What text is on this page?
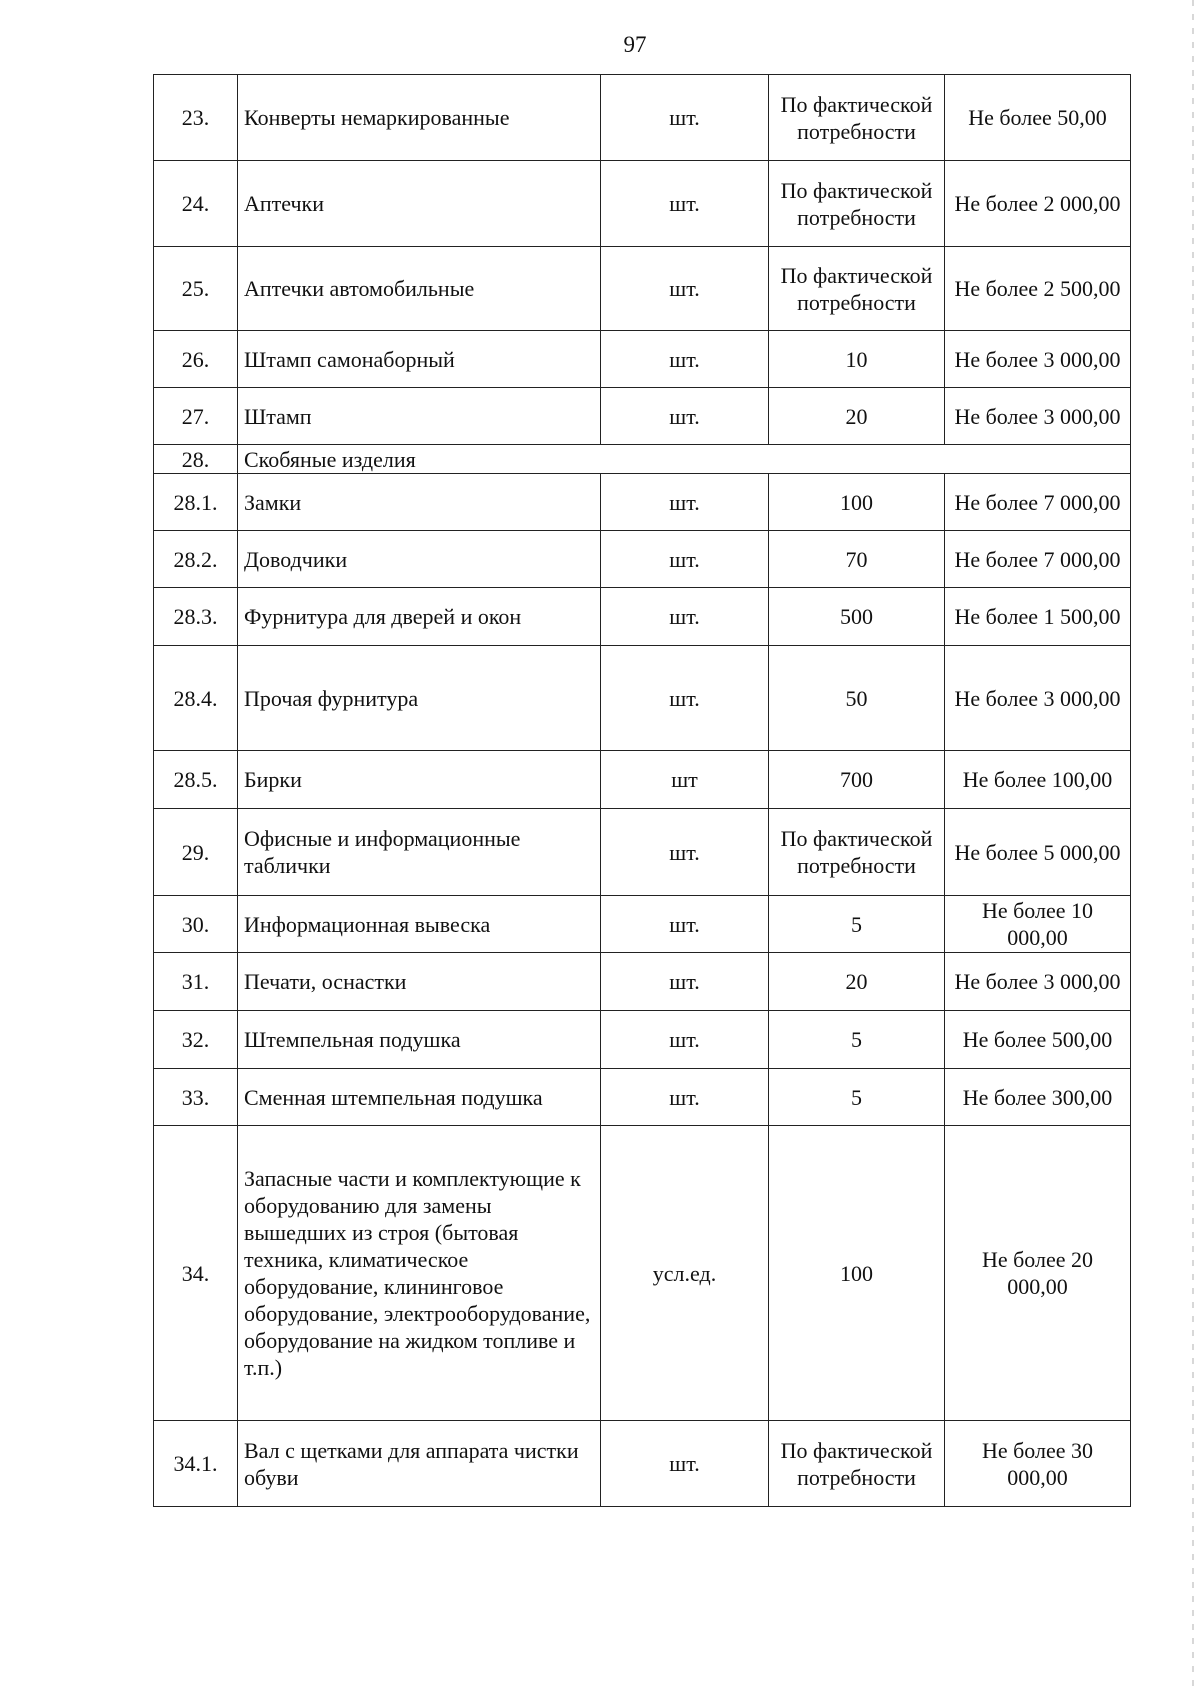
97
23.	Конверты немаркированные	шт.	По фактической потребности	Не более 50,00
24.	Аптечки	шт.	По фактической потребности	Не более 2 000,00
25.	Аптечки автомобильные	шт.	По фактической потребности	Не более 2 500,00
26.	Штамп самонаборный	шт.	10	Не более 3 000,00
27.	Штамп	шт.	20	Не более 3 000,00
28.	Скобяные изделия			
28.1.	Замки	шт.	100	Не более 7 000,00
28.2.	Доводчики	шт.	70	Не более 7 000,00
28.3.	Фурнитура для дверей и окон	шт.	500	Не более 1 500,00
28.4.	Прочая фурнитура	шт.	50	Не более 3 000,00
28.5.	Бирки	шт	700	Не более 100,00
29.	Офисные и информационные таблички	шт.	По фактической потребности	Не более 5 000,00
30.	Информационная вывеска	шт.	5	Не более 10 000,00
31.	Печати, оснастки	шт.	20	Не более 3 000,00
32.	Штемпельная подушка	шт.	5	Не более 500,00
33.	Сменная штемпельная подушка	шт.	5	Не более 300,00
34.	Запасные части и комплектующие к оборудованию для замены вышедших из строя (бытовая техника, климатическое оборудование, клининговое оборудование, электрооборудование, оборудование на жидком топливе и т.п.)	усл.ед.	100	Не более 20 000,00
34.1.	Вал с щетками для аппарата чистки обуви	шт.	По фактической потребности	Не более 30 000,00
